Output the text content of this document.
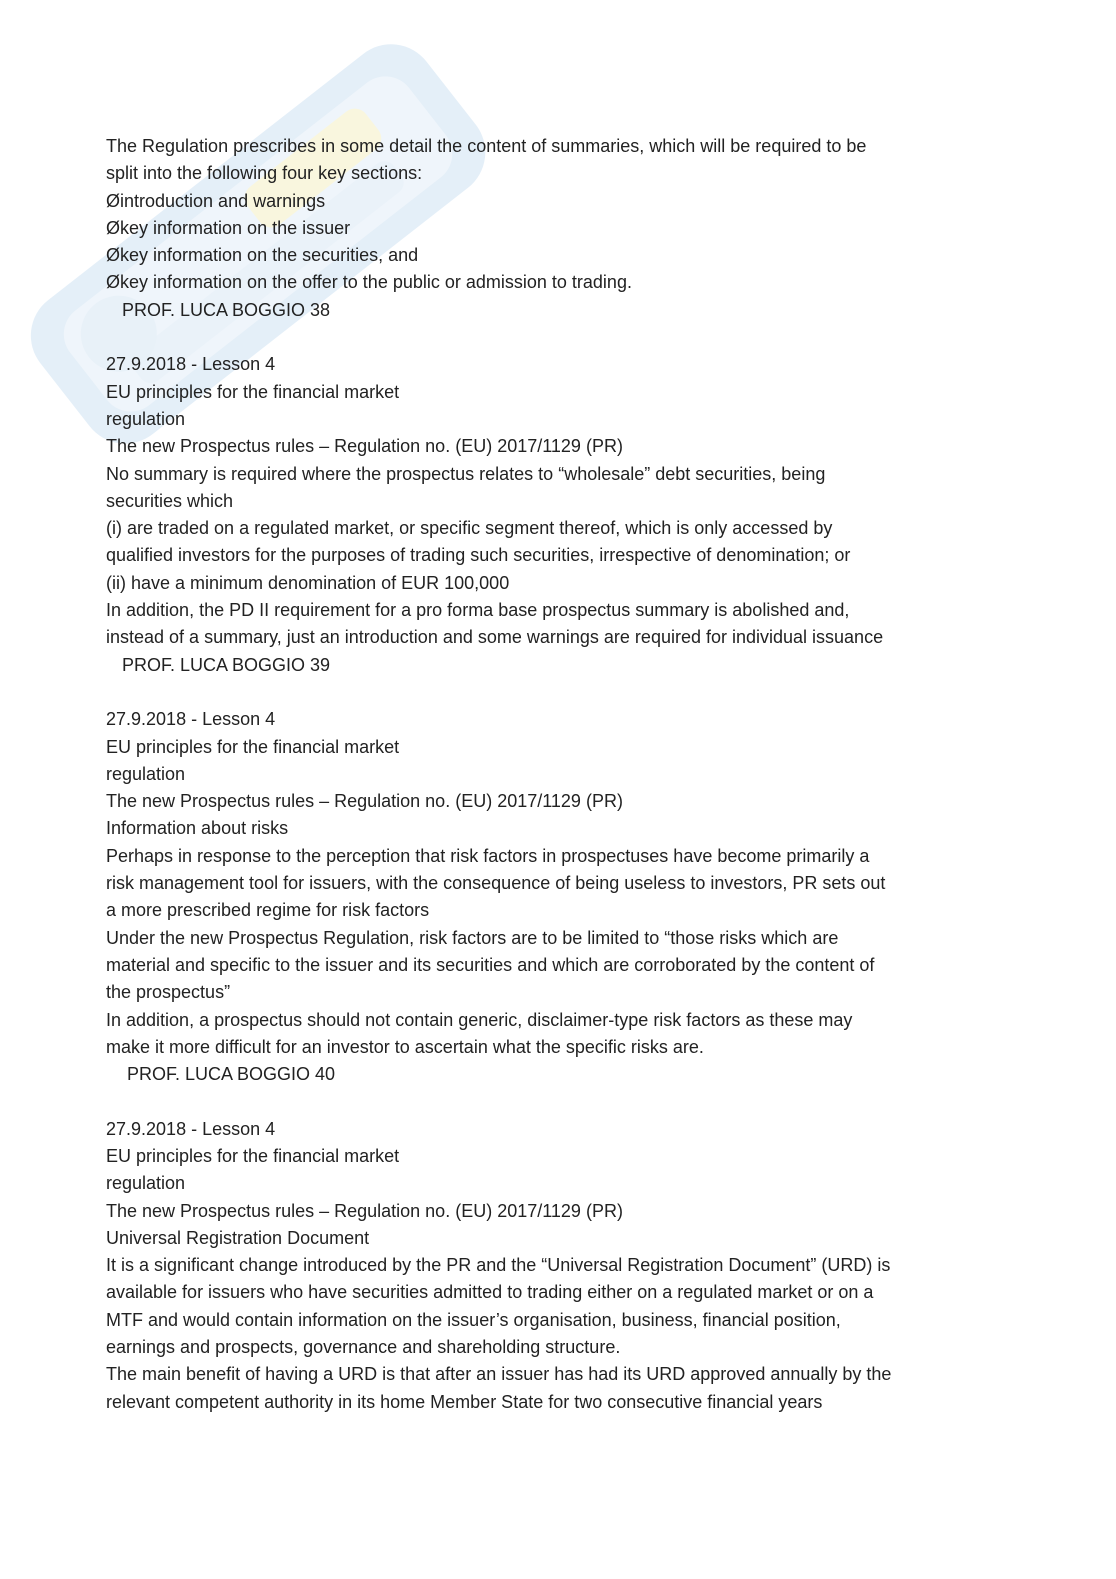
The Regulation prescribes in some detail the content of summaries, which will be required to be
split into the following four key sections:
Øintroduction and warnings
Økey information on the issuer
Økey information on the securities, and
Økey information on the offer to the public or admission to trading.
PROF. LUCA BOGGIO 38
27.9.2018 - Lesson 4
EU principles for the financial market
regulation
The new Prospectus rules – Regulation no. (EU) 2017/1129 (PR)
No summary is required where the prospectus relates to “wholesale” debt securities, being
securities which
(i) are traded on a regulated market, or specific segment thereof, which is only accessed by
qualified investors for the purposes of trading such securities, irrespective of denomination; or
(ii) have a minimum denomination of EUR 100,000
In addition, the PD II requirement for a pro forma base prospectus summary is abolished and,
instead of a summary, just an introduction and some warnings are required for individual issuance
PROF. LUCA BOGGIO 39
27.9.2018 - Lesson 4
EU principles for the financial market
regulation
The new Prospectus rules – Regulation no. (EU) 2017/1129 (PR)
Information about risks
Perhaps in response to the perception that risk factors in prospectuses have become primarily a
risk management tool for issuers, with the consequence of being useless to investors, PR sets out
a more prescribed regime for risk factors
Under the new Prospectus Regulation, risk factors are to be limited to “those risks which are
material and specific to the issuer and its securities and which are corroborated by the content of
the prospectus”
In addition, a prospectus should not contain generic, disclaimer-type risk factors as these may
make it more difficult for an investor to ascertain what the specific risks are.
PROF. LUCA BOGGIO 40
27.9.2018 - Lesson 4
EU principles for the financial market
regulation
The new Prospectus rules – Regulation no. (EU) 2017/1129 (PR)
Universal Registration Document
It is a significant change introduced by the PR and the “Universal Registration Document” (URD) is
available for issuers who have securities admitted to trading either on a regulated market or on a
MTF and would contain information on the issuer’s organisation, business, financial position,
earnings and prospects, governance and shareholding structure.
The main benefit of having a URD is that after an issuer has had its URD approved annually by the
relevant competent authority in its home Member State for two consecutive financial years
